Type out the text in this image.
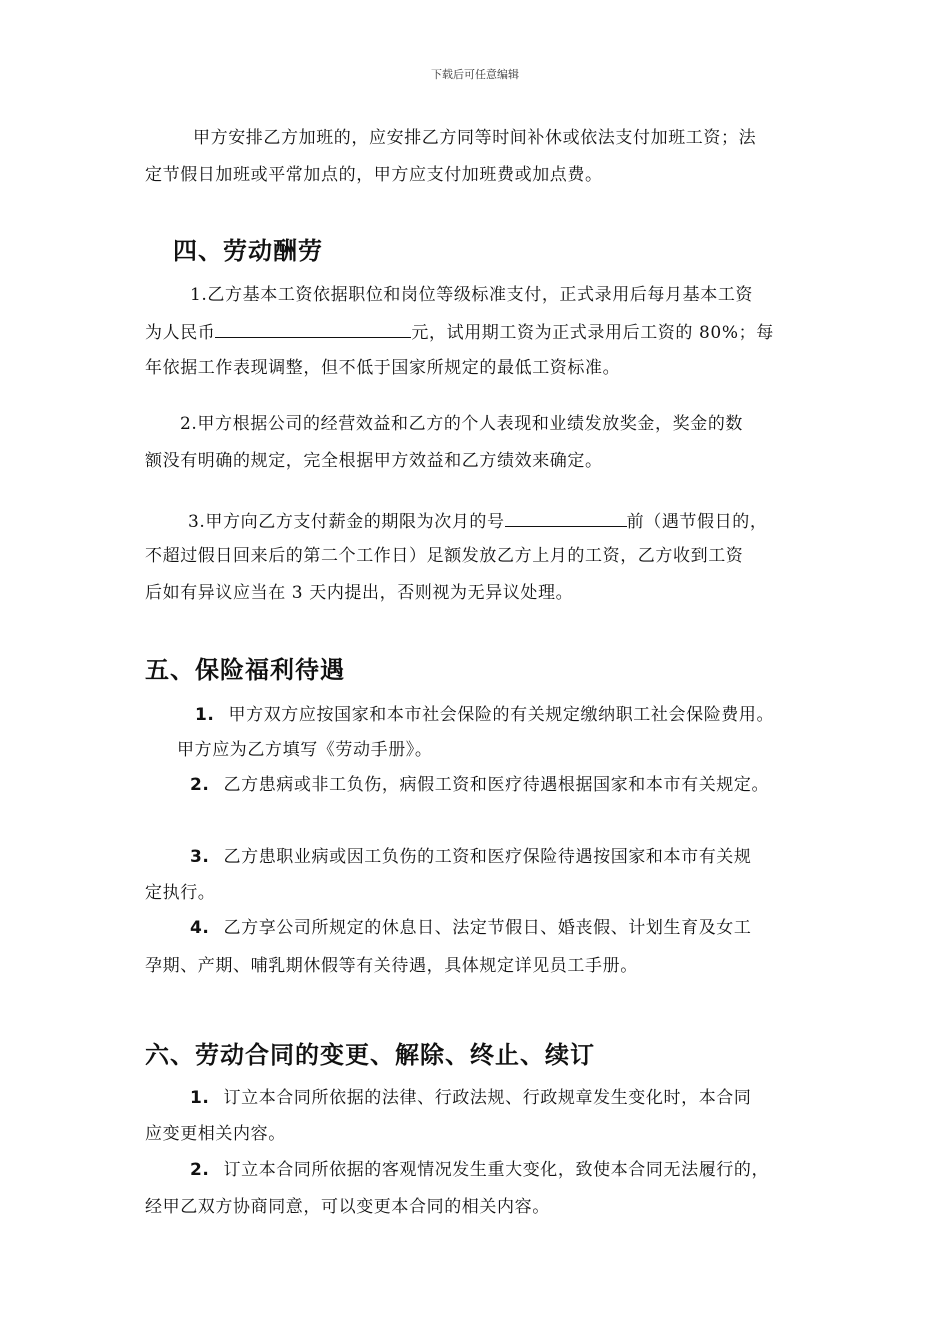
下载后可任意编辑
甲方安排乙方加班的，应安排乙方同等时间补休或依法支付加班工资；法
定节假日加班或平常加点的，甲方应支付加班费或加点费。
四、劳动酬劳
1.乙方基本工资依据职位和岗位等级标准支付，正式录用后每月基本工资
为人民币	元，试用期工资为正式录用后工资的 80%；每
年依据工作表现调整，但不低于国家所规定的最低工资标准。
2.甲方根据公司的经营效益和乙方的个人表现和业绩发放奖金，奖金的数
额没有明确的规定，完全根据甲方效益和乙方绩效来确定。
3.甲方向乙方支付薪金的期限为次月的号	前（遇节假日的，
不超过假日回来后的第二个工作日）足额发放乙方上月的工资，乙方收到工资
后如有异议应当在 3 天内提出，否则视为无异议处理。
五、保险福利待遇
1. 甲方双方应按国家和本市社会保险的有关规定缴纳职工社会保险费用。
甲方应为乙方填写《劳动手册》。
2. 乙方患病或非工负伤，病假工资和医疗待遇根据国家和本市有关规定。
3. 乙方患职业病或因工负伤的工资和医疗保险待遇按国家和本市有关规
定执行。
4. 乙方享公司所规定的休息日、法定节假日、婚丧假、计划生育及女工
孕期、产期、哺乳期休假等有关待遇，具体规定详见员工手册。
六、劳动合同的变更、解除、终止、续订
1. 订立本合同所依据的法律、行政法规、行政规章发生变化时，本合同
应变更相关内容。
2. 订立本合同所依据的客观情况发生重大变化，致使本合同无法履行的，
经甲乙双方协商同意，可以变更本合同的相关内容。
